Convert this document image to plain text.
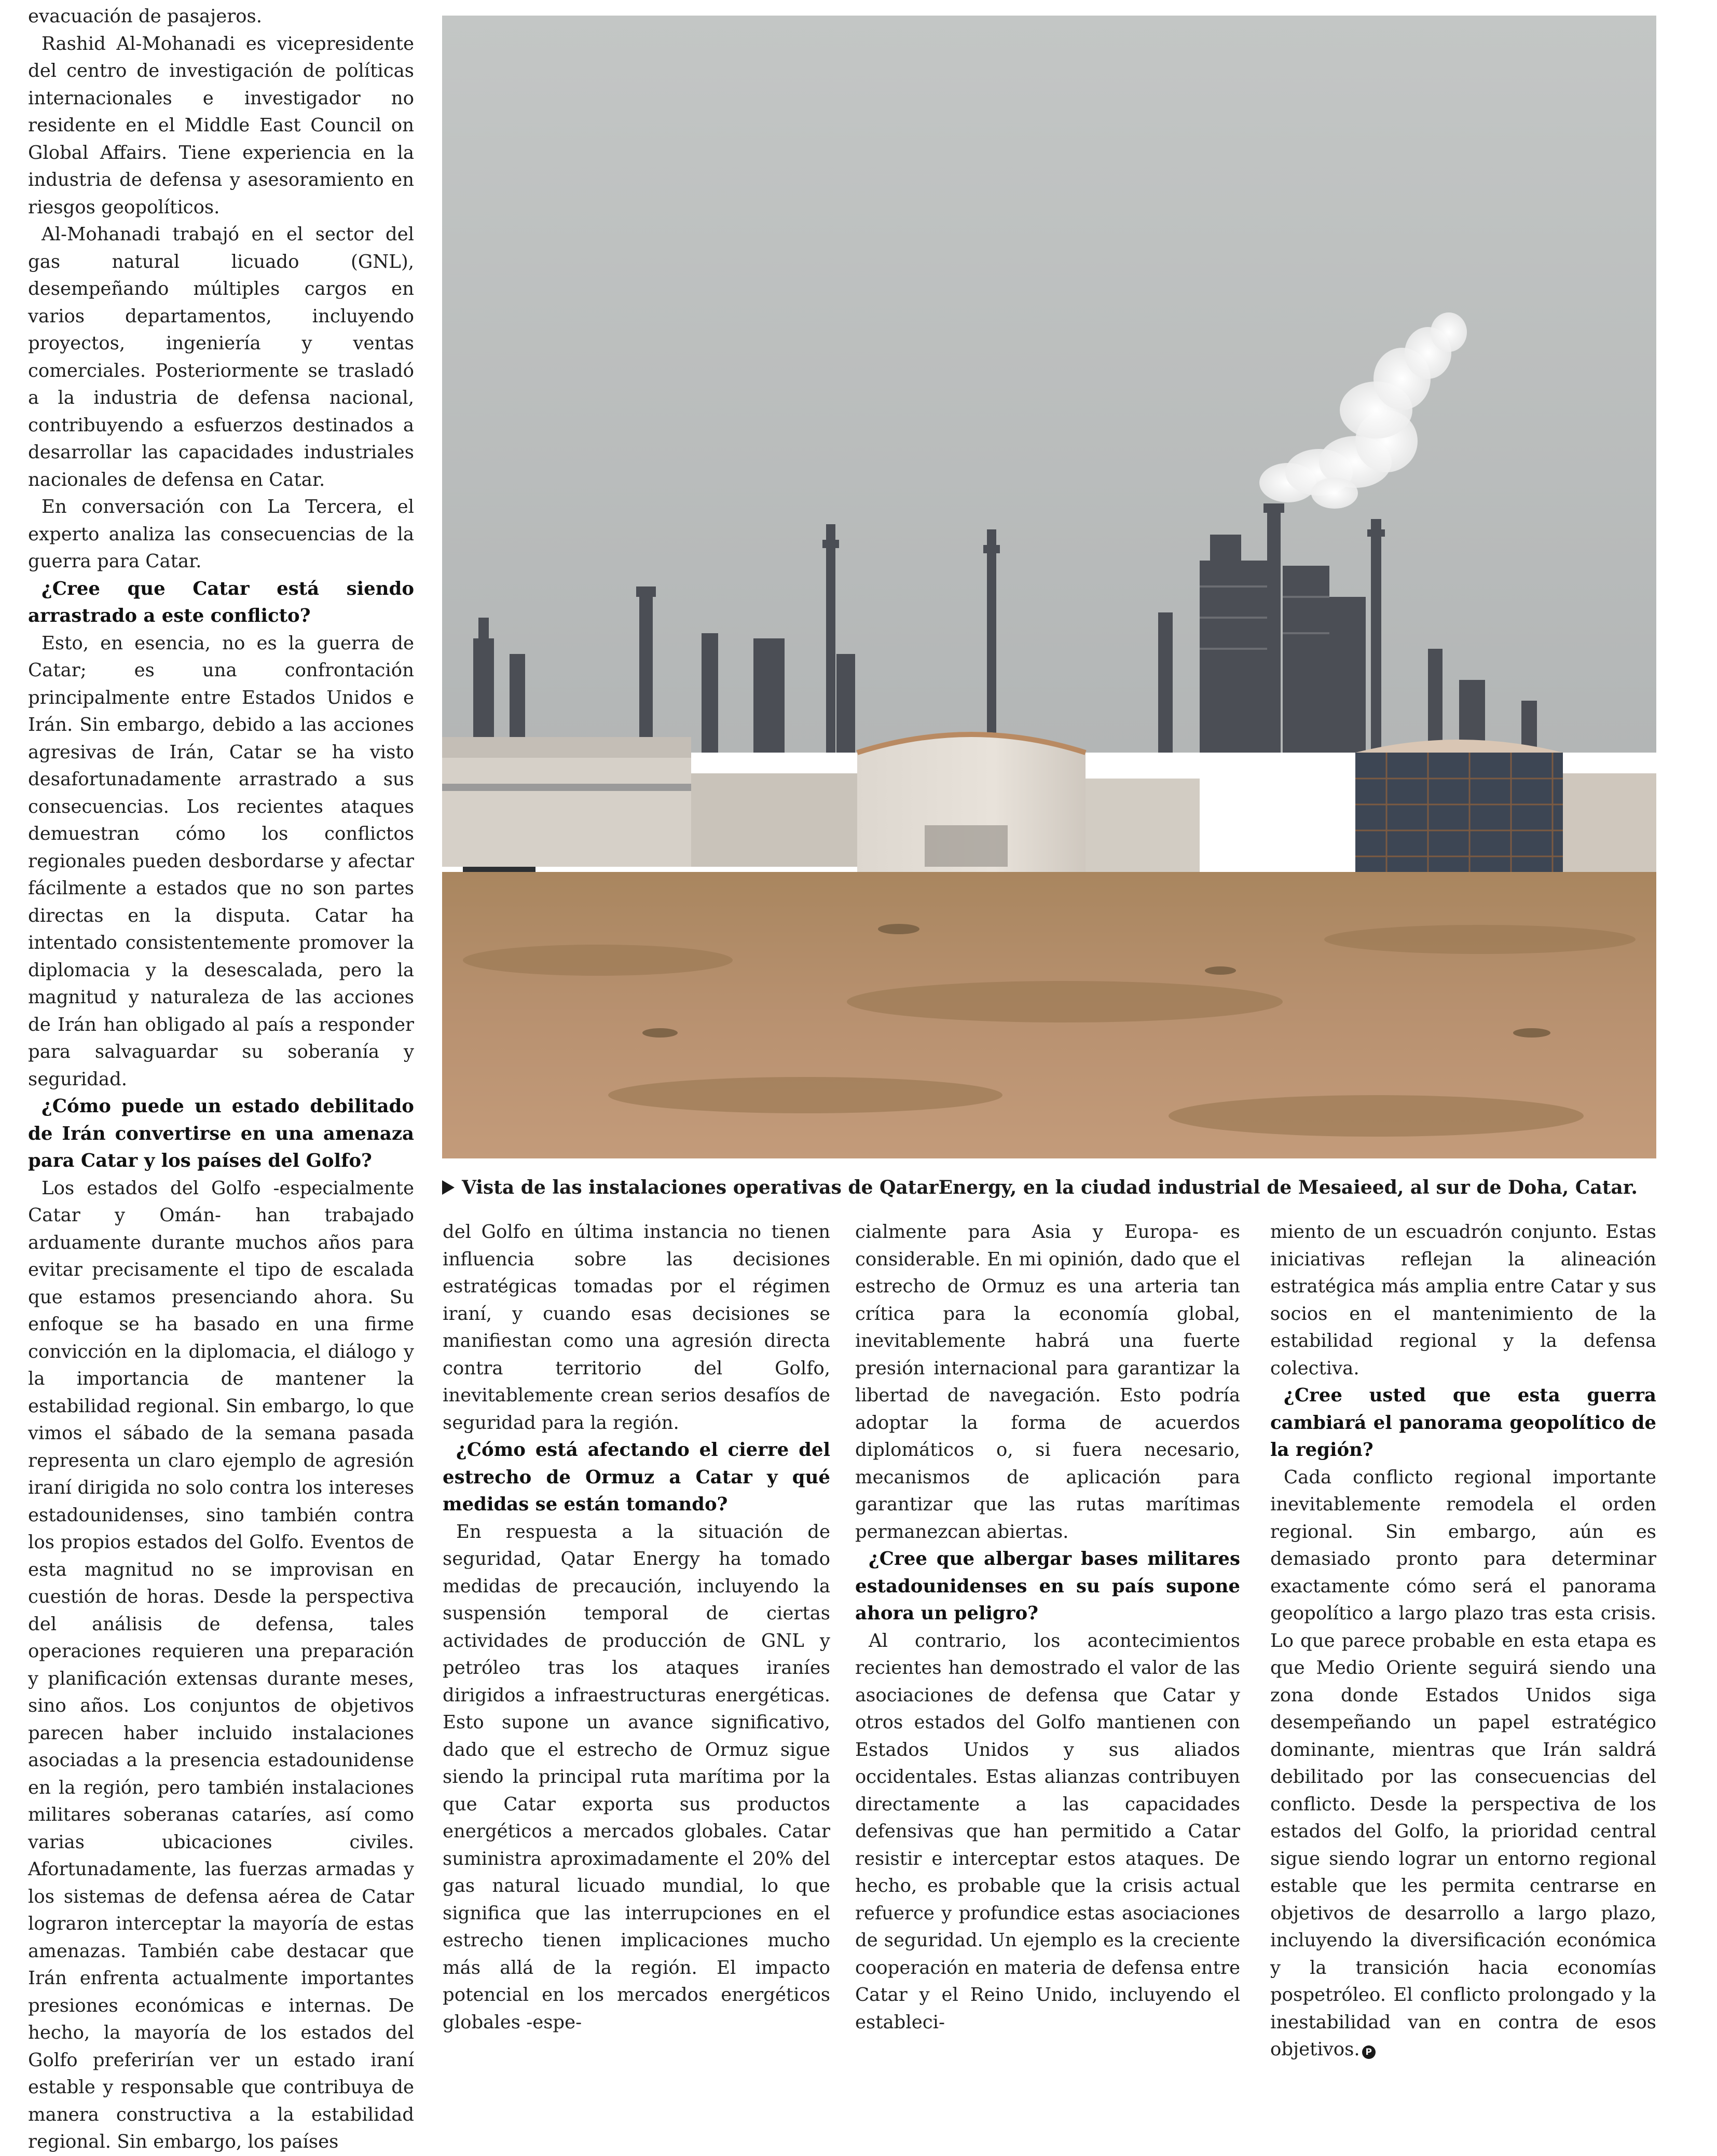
evacuación de pasajeros.

Rashid Al-Mohanadi es vicepresidente del centro de investigación de políticas internacionales e investigador no residente en el Middle East Council on Global Affairs. Tiene experiencia en la industria de defensa y asesoramiento en riesgos geopolíticos.

Al-Mohanadi trabajó en el sector del gas natural licuado (GNL), desempeñando múltiples cargos en varios departamentos, incluyendo proyectos, ingeniería y ventas comerciales. Posteriormente se trasladó a la industria de defensa nacional, contribuyendo a esfuerzos destinados a desarrollar las capacidades industriales nacionales de defensa en Catar.

En conversación con La Tercera, el experto analiza las consecuencias de la guerra para Catar.

¿Cree que Catar está siendo arrastrado a este conflicto?

Esto, en esencia, no es la guerra de Catar; es una confrontación principalmente entre Estados Unidos e Irán. Sin embargo, debido a las acciones agresivas de Irán, Catar se ha visto desafortunadamente arrastrado a sus consecuencias. Los recientes ataques demuestran cómo los conflictos regionales pueden desbordarse y afectar fácilmente a estados que no son partes directas en la disputa. Catar ha intentado consistentemente promover la diplomacia y la desescalada, pero la magnitud y naturaleza de las acciones de Irán han obligado al país a responder para salvaguardar su soberanía y seguridad.

¿Cómo puede un estado debilitado de Irán convertirse en una amenaza para Catar y los países del Golfo?

Los estados del Golfo -especialmente Catar y Omán- han trabajado arduamente durante muchos años para evitar precisamente el tipo de escalada que estamos presenciando ahora. Su enfoque se ha basado en una firme convicción en la diplomacia, el diálogo y la importancia de mantener la estabilidad regional. Sin embargo, lo que vimos el sábado de la semana pasada representa un claro ejemplo de agresión iraní dirigida no solo contra los intereses estadounidenses, sino también contra los propios estados del Golfo. Eventos de esta magnitud no se improvisan en cuestión de horas. Desde la perspectiva del análisis de defensa, tales operaciones requieren una preparación y planificación extensas durante meses, sino años. Los conjuntos de objetivos parecen haber incluido instalaciones asociadas a la presencia estadounidense en la región, pero también instalaciones militares soberanas cataríes, así como varias ubicaciones civiles. Afortunadamente, las fuerzas armadas y los sistemas de defensa aérea de Catar lograron interceptar la mayoría de estas amenazas. También cabe destacar que Irán enfrenta actualmente importantes presiones económicas e internas. De hecho, la mayoría de los estados del Golfo preferirían ver un estado iraní estable y responsable que contribuya de manera constructiva a la estabilidad regional. Sin embargo, los países

Vista de las instalaciones operativas de QatarEnergy, en la ciudad industrial de Mesaieed, al sur de Doha, Catar.

del Golfo en última instancia no tienen influencia sobre las decisiones estratégicas tomadas por el régimen iraní, y cuando esas decisiones se manifiestan como una agresión directa contra territorio del Golfo, inevitablemente crean serios desafíos de seguridad para la región.

¿Cómo está afectando el cierre del estrecho de Ormuz a Catar y qué medidas se están tomando?

En respuesta a la situación de seguridad, Qatar Energy ha tomado medidas de precaución, incluyendo la suspensión temporal de ciertas actividades de producción de GNL y petróleo tras los ataques iraníes dirigidos a infraestructuras energéticas. Esto supone un avance significativo, dado que el estrecho de Ormuz sigue siendo la principal ruta marítima por la que Catar exporta sus productos energéticos a mercados globales. Catar suministra aproximadamente el 20% del gas natural licuado mundial, lo que significa que las interrupciones en el estrecho tienen implicaciones mucho más allá de la región. El impacto potencial en los mercados energéticos globales -espe-

cialmente para Asia y Europa- es considerable. En mi opinión, dado que el estrecho de Ormuz es una arteria tan crítica para la economía global, inevitablemente habrá una fuerte presión internacional para garantizar la libertad de navegación. Esto podría adoptar la forma de acuerdos diplomáticos o, si fuera necesario, mecanismos de aplicación para garantizar que las rutas marítimas permanezcan abiertas.

¿Cree que albergar bases militares estadounidenses en su país supone ahora un peligro?

Al contrario, los acontecimientos recientes han demostrado el valor de las asociaciones de defensa que Catar y otros estados del Golfo mantienen con Estados Unidos y sus aliados occidentales. Estas alianzas contribuyen directamente a las capacidades defensivas que han permitido a Catar resistir e interceptar estos ataques. De hecho, es probable que la crisis actual refuerce y profundice estas asociaciones de seguridad. Un ejemplo es la creciente cooperación en materia de defensa entre Catar y el Reino Unido, incluyendo el estableci-

miento de un escuadrón conjunto. Estas iniciativas reflejan la alineación estratégica más amplia entre Catar y sus socios en el mantenimiento de la estabilidad regional y la defensa colectiva.

¿Cree usted que esta guerra cambiará el panorama geopolítico de la región?

Cada conflicto regional importante inevitablemente remodela el orden regional. Sin embargo, aún es demasiado pronto para determinar exactamente cómo será el panorama geopolítico a largo plazo tras esta crisis. Lo que parece probable en esta etapa es que Medio Oriente seguirá siendo una zona donde Estados Unidos siga desempeñando un papel estratégico dominante, mientras que Irán saldrá debilitado por las consecuencias del conflicto. Desde la perspectiva de los estados del Golfo, la prioridad central sigue siendo lograr un entorno regional estable que les permita centrarse en objetivos de desarrollo a largo plazo, incluyendo la diversificación económica y la transición hacia economías pospetróleo. El conflicto prolongado y la inestabilidad van en contra de esos objetivos. P
